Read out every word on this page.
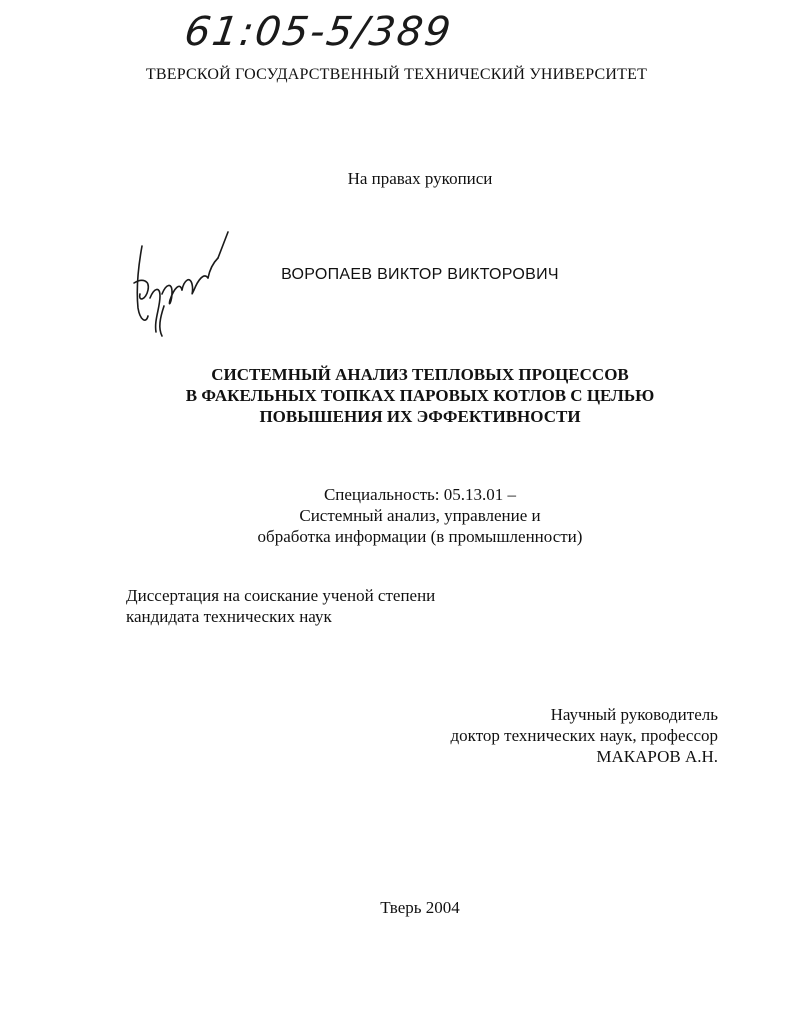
61:05-5/389
ТВЕРСКОЙ ГОСУДАРСТВЕННЫЙ ТЕХНИЧЕСКИЙ УНИВЕРСИТЕТ
На правах рукописи
ВОРОПАЕВ ВИКТОР ВИКТОРОВИЧ
СИСТЕМНЫЙ АНАЛИЗ ТЕПЛОВЫХ ПРОЦЕССОВ
В ФАКЕЛЬНЫХ ТОПКАХ ПАРОВЫХ КОТЛОВ С ЦЕЛЬЮ
ПОВЫШЕНИЯ ИХ ЭФФЕКТИВНОСТИ
Специальность: 05.13.01 –
Системный анализ, управление и
обработка информации (в промышленности)
Диссертация на соискание ученой степени
кандидата технических наук
Научный руководитель
доктор технических наук, профессор
МАКАРОВ А.Н.
Тверь 2004
